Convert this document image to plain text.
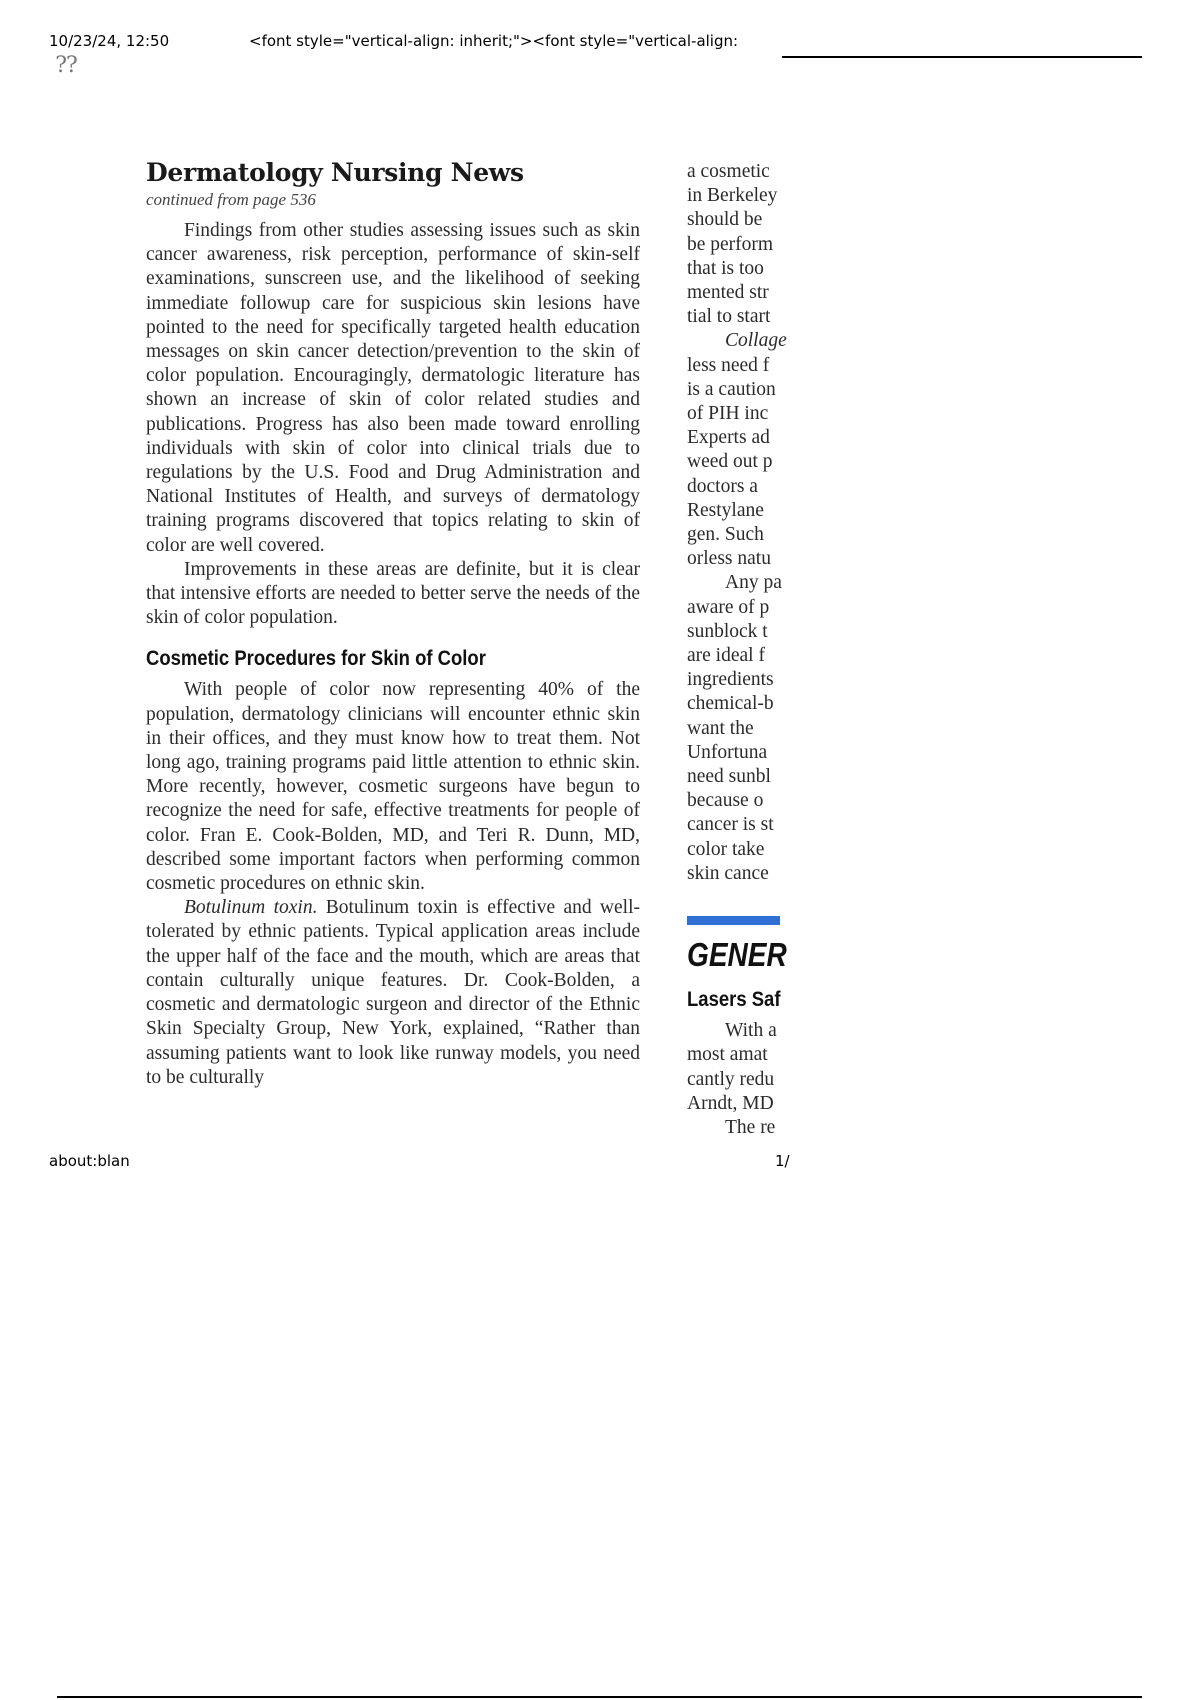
10/23/24, 12:50	<font style="vertical-align: inherit;"><font style="vertical-align:
⁇
Dermatology Nursing News
continued from page 536

Findings from other studies assessing issues such as skin cancer awareness, risk perception, performance of skin-self examinations, sunscreen use, and the likelihood of seeking immediate followup care for suspicious skin lesions have pointed to the need for specifically targeted health education messages on skin cancer detection/prevention to the skin of color population. Encouragingly, dermatologic literature has shown an increase of skin of color related studies and publications. Progress has also been made toward enrolling individuals with skin of color into clinical trials due to regulations by the U.S. Food and Drug Administration and National Institutes of Health, and surveys of dermatology training programs discovered that topics relating to skin of color are well covered.

Improvements in these areas are definite, but it is clear that intensive efforts are needed to better serve the needs of the skin of color population.

Cosmetic Procedures for Skin of Color

With people of color now representing 40% of the population, dermatology clinicians will encounter ethnic skin in their offices, and they must know how to treat them. Not long ago, training programs paid little attention to ethnic skin. More recently, however, cosmetic surgeons have begun to recognize the need for safe, effective treatments for people of color. Fran E. Cook-Bolden, MD, and Teri R. Dunn, MD, described some important factors when performing common cosmetic procedures on ethnic skin.

Botulinum toxin. Botulinum toxin is effective and well-tolerated by ethnic patients. Typical application areas include the upper half of the face and the mouth, which are areas that contain culturally unique features. Dr. Cook-Bolden, a cosmetic and dermatologic surgeon and director of the Ethnic Skin Specialty Group, New York, explained, “Rather than assuming patients want to look like runway models, you need to be culturally

a cosmetic

in Berkeley

should be

be perform

that is too

mented str

tial to start

Collage

less need f

is a caution

of PIH inc

Experts ad

weed out p

doctors a

Restylane

gen. Such

orless natu

Any pa

aware of p

sunblock t

are ideal f

ingredients

chemical-b

want the

Unfortuna

need sunbl

because o

cancer is st

color take

skin cance

GENER
Lasers Saf

With a

most amat

cantly redu

Arndt, MD

The re

about:blan	1/
